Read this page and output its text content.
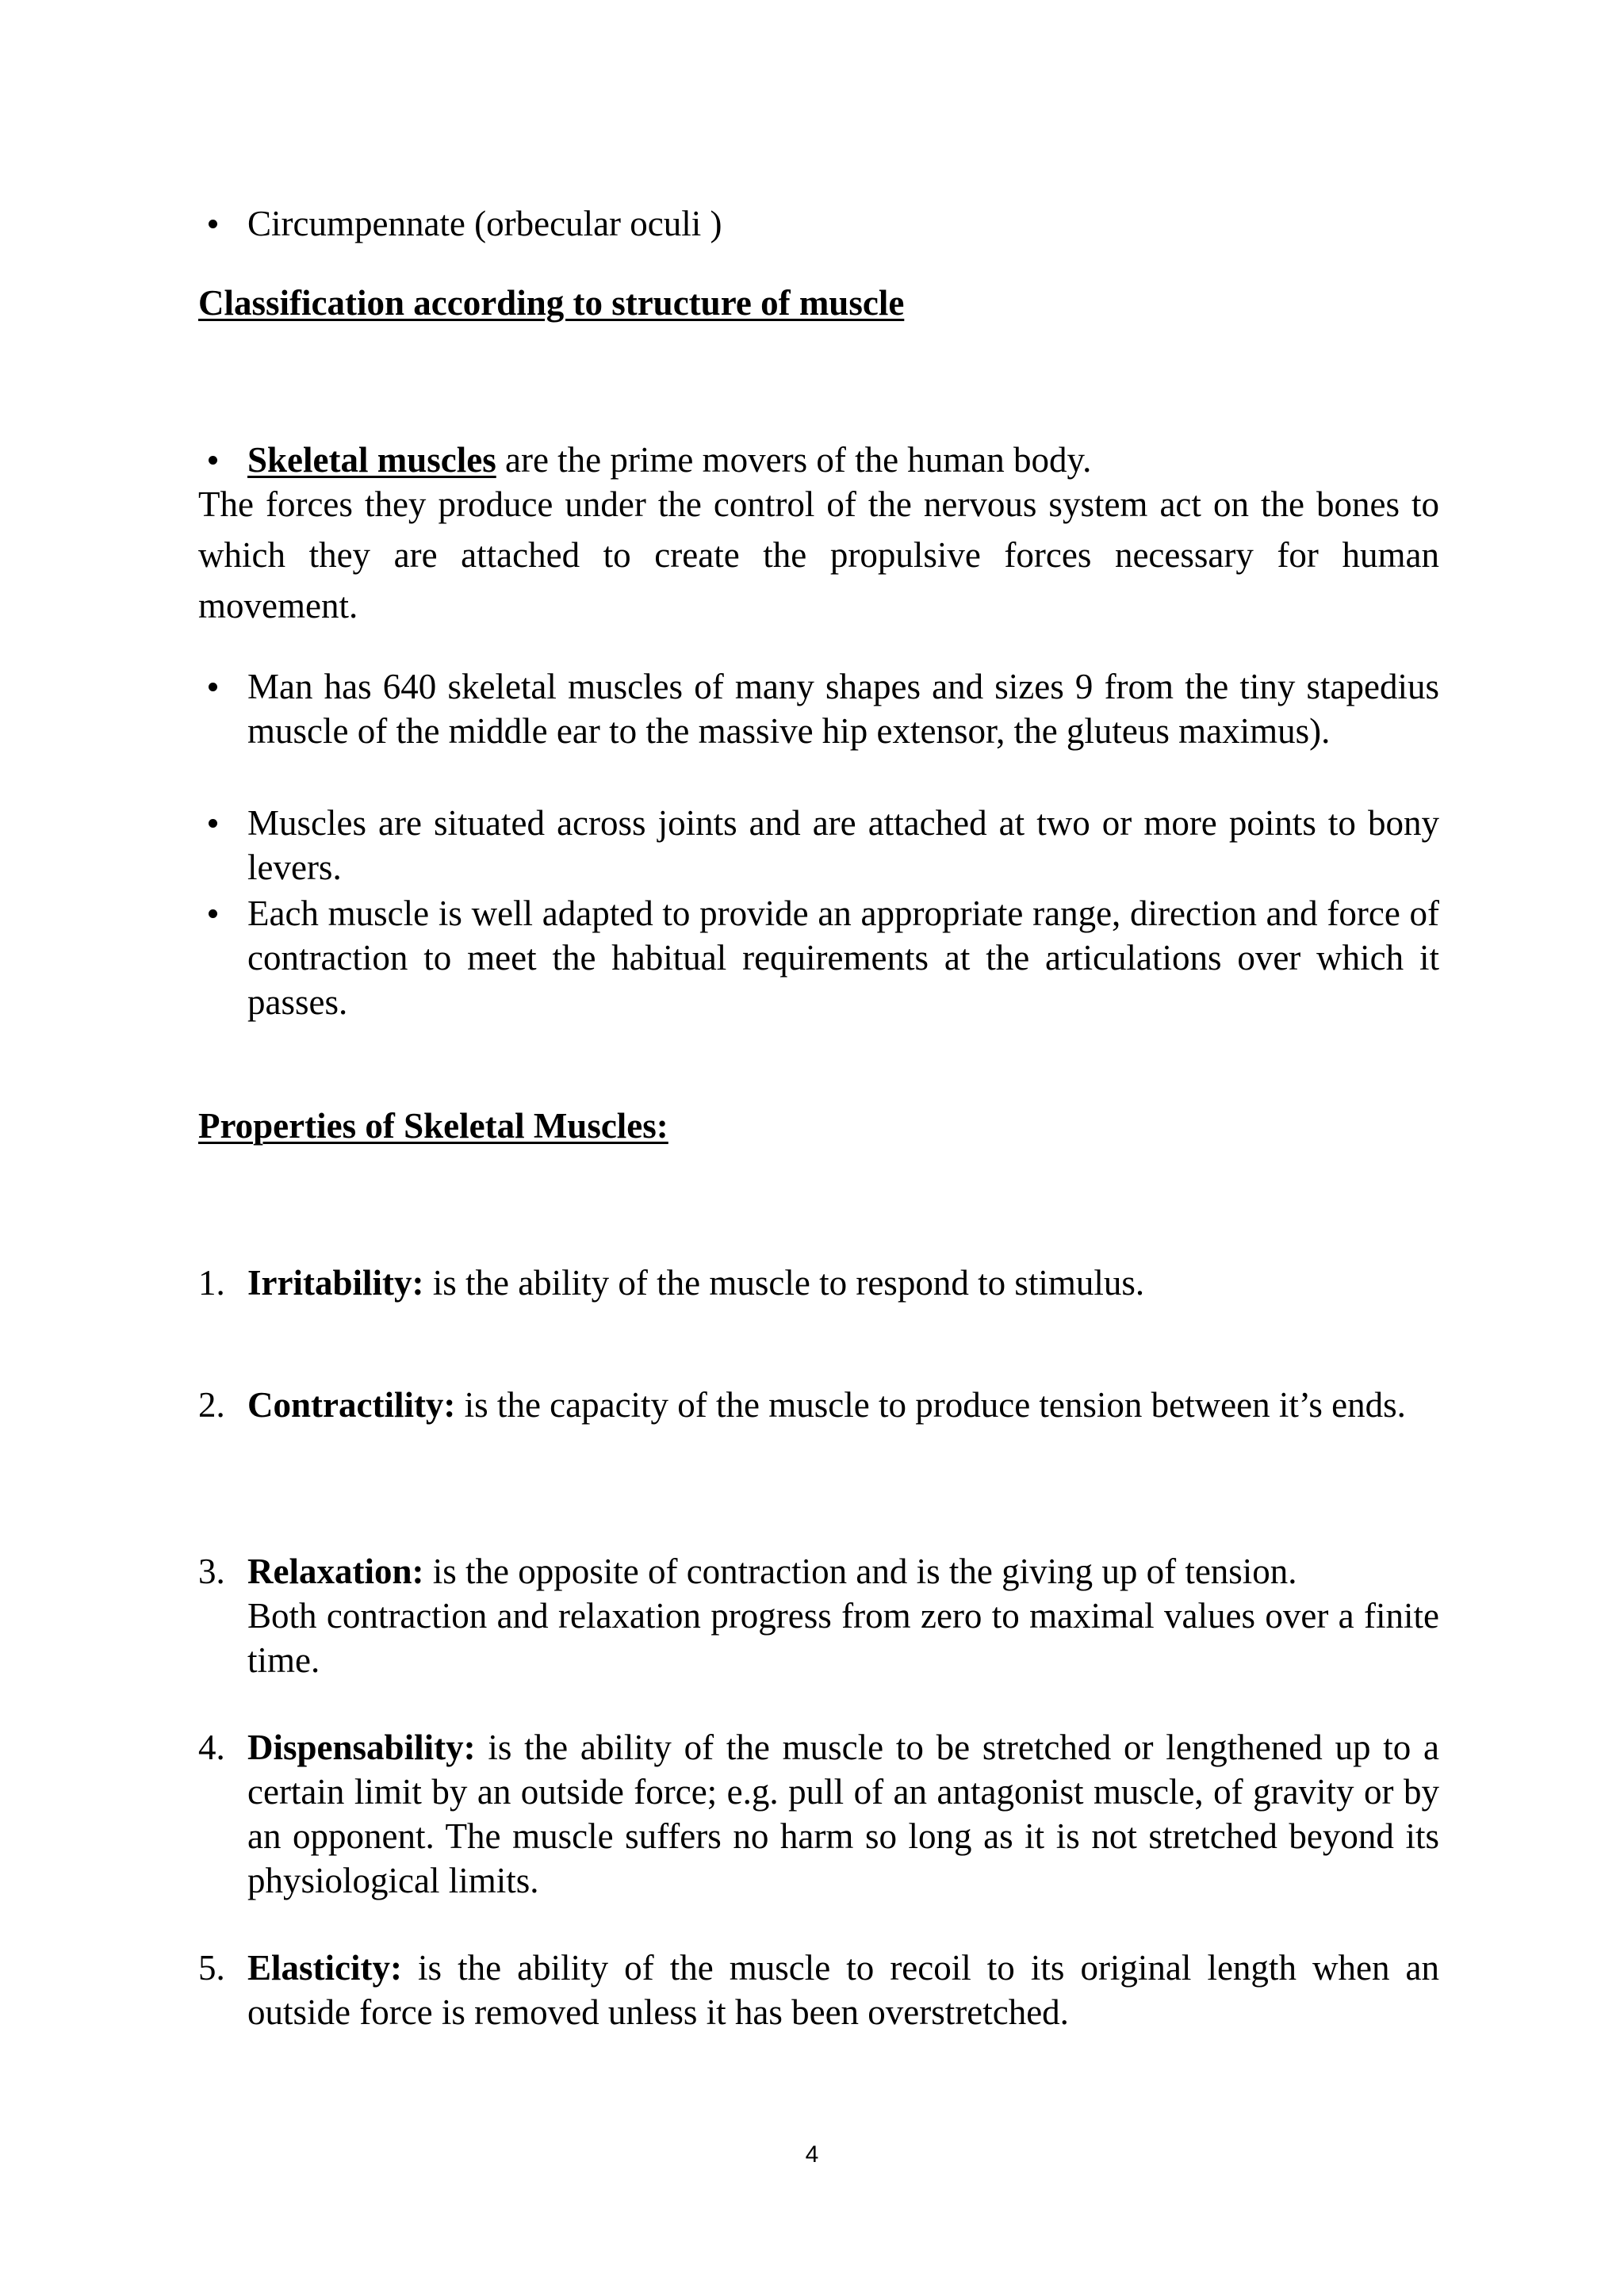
Circumpennate (orbecular oculi )
Classification according to structure of muscle
Skeletal muscles are the prime movers of the human body.
The forces they produce under the control of the nervous system act on the bones to which they are attached to create the propulsive forces necessary for human movement.
Man has 640 skeletal muscles of many shapes and sizes 9 from the tiny stapedius muscle of the middle ear to the massive hip extensor, the gluteus maximus).
Muscles are situated across joints and are attached at two or more points to bony levers.
Each muscle is well adapted to provide an appropriate range, direction and force of contraction to meet the habitual requirements at the articulations over which it passes.
Properties of Skeletal Muscles:
1. Irritability: is the ability of the muscle to respond to stimulus.
2. Contractility: is the capacity of the muscle to produce tension between it’s ends.
3. Relaxation: is the opposite of contraction and is the giving up of tension.
Both contraction and relaxation progress from zero to maximal values over a finite time.
4. Dispensability: is the ability of the muscle to be stretched or lengthened up to a certain limit by an outside force; e.g. pull of an antagonist muscle, of gravity or by an opponent. The muscle suffers no harm so long as it is not stretched beyond its physiological limits.
5. Elasticity: is the ability of the muscle to recoil to its original length when an outside force is removed unless it has been overstretched.
4
